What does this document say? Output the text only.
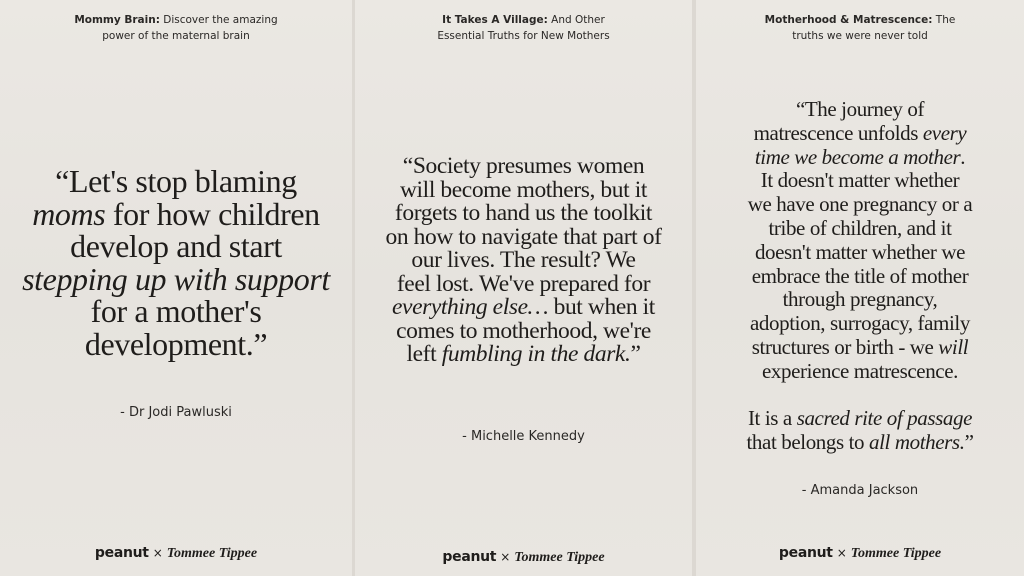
Mommy Brain: Discover the amazing
power of the maternal brain
“Let's stop blaming
moms for how children
develop and start
stepping up with support
for a mother's
development.”
- Dr Jodi Pawluski
peanut × Tommee Tippee
It Takes A Village: And Other
Essential Truths for New Mothers
“Society presumes women
will become mothers, but it
forgets to hand us the toolkit
on how to navigate that part of
our lives. The result? We
feel lost. We've prepared for
everything else… but when it
comes to motherhood, we're
left fumbling in the dark.”
- Michelle Kennedy
peanut × Tommee Tippee
Motherhood & Matrescence: The
truths we were never told
“The journey of
matrescence unfolds every
time we become a mother.
It doesn't matter whether
we have one pregnancy or a
tribe of children, and it
doesn't matter whether we
embrace the title of mother
through pregnancy,
adoption, surrogacy, family
structures or birth - we will
experience matrescence.
It is a sacred rite of passage
that belongs to all mothers.”
- Amanda Jackson
peanut × Tommee Tippee
